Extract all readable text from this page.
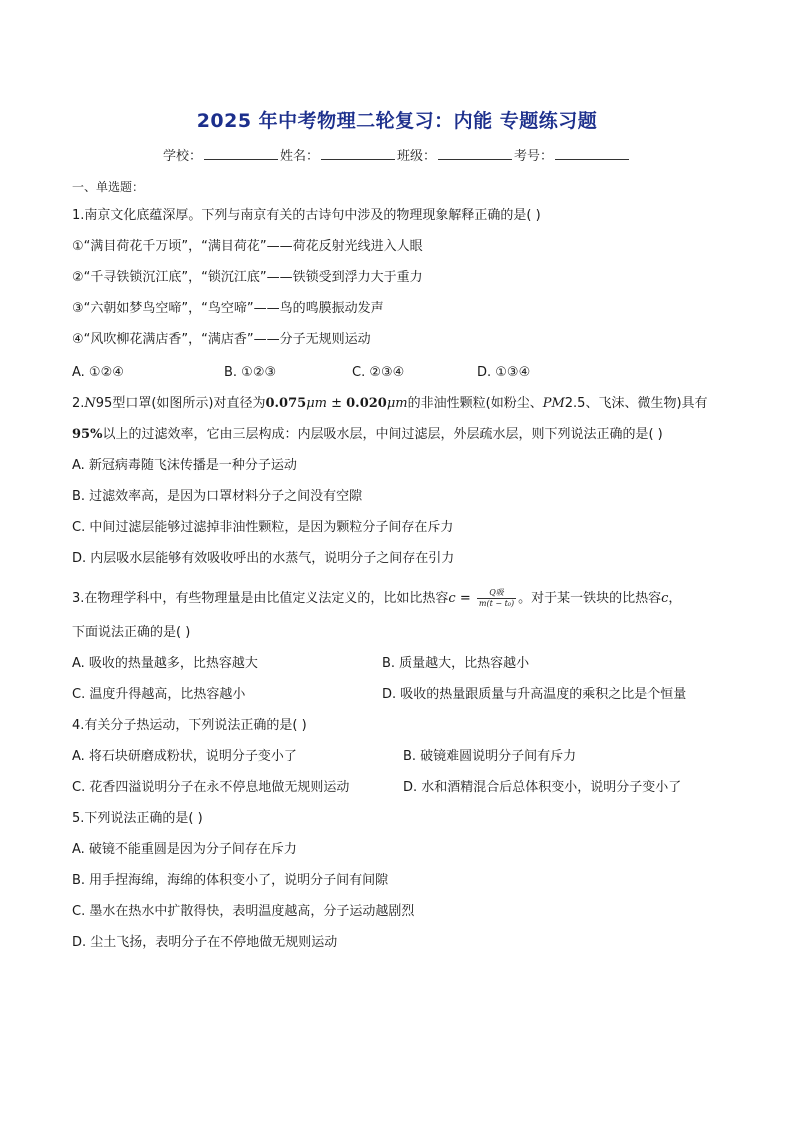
2025 年中考物理二轮复习：内能 专题练习题
学校：	姓名：	班级：	考号：
一、单选题：
1.南京文化底蕴深厚。下列与南京有关的古诗句中涉及的物理现象解释正确的是( )
①“满目荷花千万顷”，“满目荷花”——荷花反射光线进入人眼
②“千寻铁锁沉江底”，“锁沉江底”——铁锁受到浮力大于重力
③“六朝如梦鸟空啼”，“鸟空啼”——鸟的鸣膜振动发声
④“风吹柳花满店香”，“满店香”——分子无规则运动
A. ①②④	B. ①②③	C. ②③④	D. ①③④
2.N95型口罩(如图所示)对直径为0.075μm ± 0.020μm的非油性颗粒(如粉尘、PM2.5、飞沫、微生物)具有
95%以上的过滤效率，它由三层构成：内层吸水层，中间过滤层，外层疏水层，则下列说法正确的是( )
A. 新冠病毒随飞沫传播是一种分子运动
B. 过滤效率高，是因为口罩材料分子之间没有空隙
C. 中间过滤层能够过滤掉非油性颗粒，是因为颗粒分子间存在斥力
D. 内层吸水层能够有效吸收呼出的水蒸气，说明分子之间存在引力
3.在物理学科中，有些物理量是由比值定义法定义的，比如比热容$c = \frac{\text{Q吸}}{\text{m(t − t₀)}}$ 。对于某一铁块的比热容c，
下面说法正确的是( )
A. 吸收的热量越多，比热容越大	B. 质量越大，比热容越小
C. 温度升得越高，比热容越小	D. 吸收的热量跟质量与升高温度的乘积之比是个恒量
4.有关分子热运动，下列说法正确的是( )
A. 将石块研磨成粉状，说明分子变小了	B. 破镜难圆说明分子间有斥力
C. 花香四溢说明分子在永不停息地做无规则运动	D. 水和酒精混合后总体积变小，说明分子变小了
5.下列说法正确的是( )
A. 破镜不能重圆是因为分子间存在斥力
B. 用手捏海绵，海绵的体积变小了，说明分子间有间隙
C. 墨水在热水中扩散得快，表明温度越高，分子运动越剧烈
D. 尘土飞扬，表明分子在不停地做无规则运动
